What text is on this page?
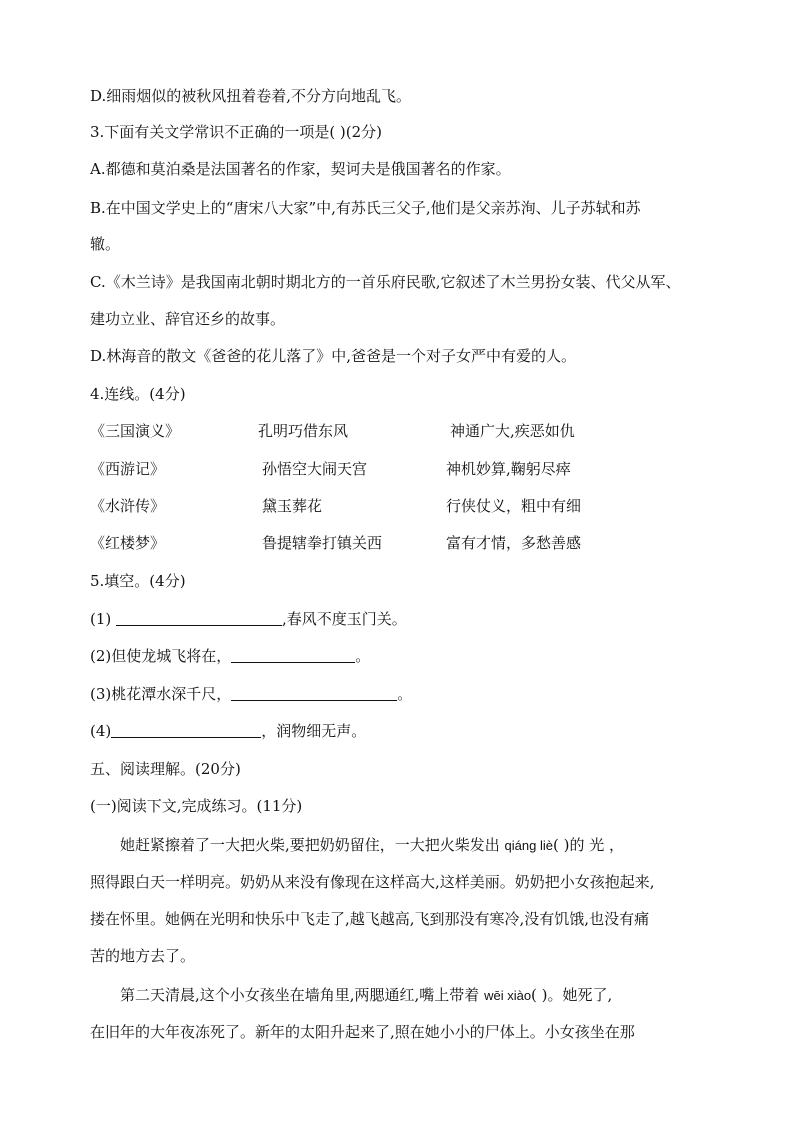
D.细雨烟似的被秋风扭着卷着,不分方向地乱飞。
3.下面有关文学常识不正确的一项是( )(2分)
A.都德和莫泊桑是法国著名的作家，契诃夫是俄国著名的作家。
B.在中国文学史上的“唐宋八大家”中,有苏氏三父子,他们是父亲苏洵、儿子苏轼和苏
辙。
C.《木兰诗》是我国南北朝时期北方的一首乐府民歌,它叙述了木兰男扮女装、代父从军、
建功立业、辞官还乡的故事。
D.林海音的散文《爸爸的花儿落了》中,爸爸是一个对子女严中有爱的人。
4.连线。(4分)
《三国演义》	孔明巧借东风	神通广大,疾恶如仇
《西游记》	孙悟空大闹天宫	神机妙算,鞠躬尽瘁
《水浒传》	黛玉葬花	行侠仗义，粗中有细
《红楼梦》	鲁提辖拳打镇关西	富有才情，多愁善感
5.填空。(4分)
(1)	,春风不度玉门关。
(2)但使龙城飞将在，	。
(3)桃花潭水深千尺，	。
(4)	，润物细无声。
五、阅读理解。(20分)
(一)阅读下文,完成练习。(11分)
她赶紧擦着了一大把火柴,要把奶奶留住，一大把火柴发出 qiáng liè( )的 光 ，
照得跟白天一样明亮。奶奶从来没有像现在这样高大,这样美丽。奶奶把小女孩抱起来,
搂在怀里。她俩在光明和快乐中飞走了,越飞越高,飞到那没有寒冷,没有饥饿,也没有痛
苦的地方去了。
第二天清晨,这个小女孩坐在墙角里,两腮通红,嘴上带着 wēi xiào( )。她死了,
在旧年的大年夜冻死了。新年的太阳升起来了,照在她小小的尸体上。小女孩坐在那
